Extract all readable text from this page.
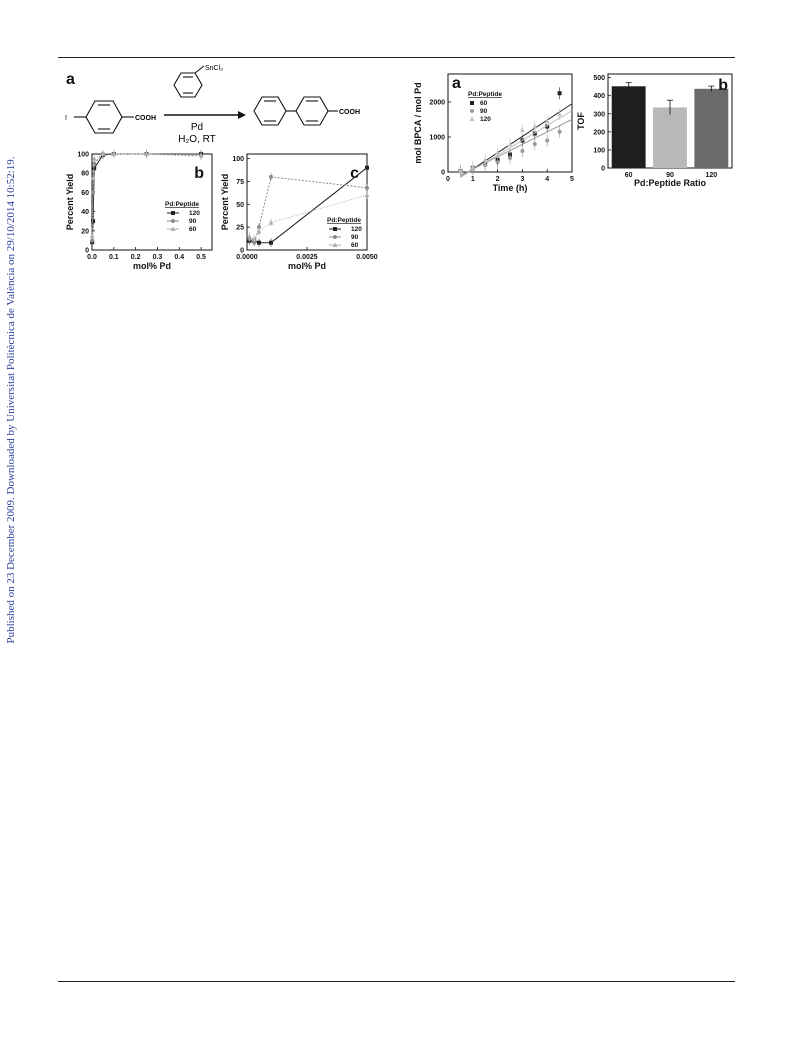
Published on 23 December 2009. Downloaded by Universitat Politècnica de València on 29/10/2014 10:52:19.
a
I	COOH
SnCl₃
Pd
H₂O, RT
COOH
0
20
40
60
80
100
0.0 0.1 0.2 0.3 0.4 0.5
mol% Pd
Percent Yield
b
Pd:Peptide
120
90
60
0
25
50
75
100
0.0000	0.0025	0.0050
mol% Pd
Percent Yield
c
Pd:Peptide
120
90
60
0
1000
2000
0	1	2	3	4	5
Time (h)
mol BPCA / mol Pd a
Pd:Peptide
60
90
120
0
100
200
300
400
500
60	90	120
Pd:Peptide Ratio
TOF
b
